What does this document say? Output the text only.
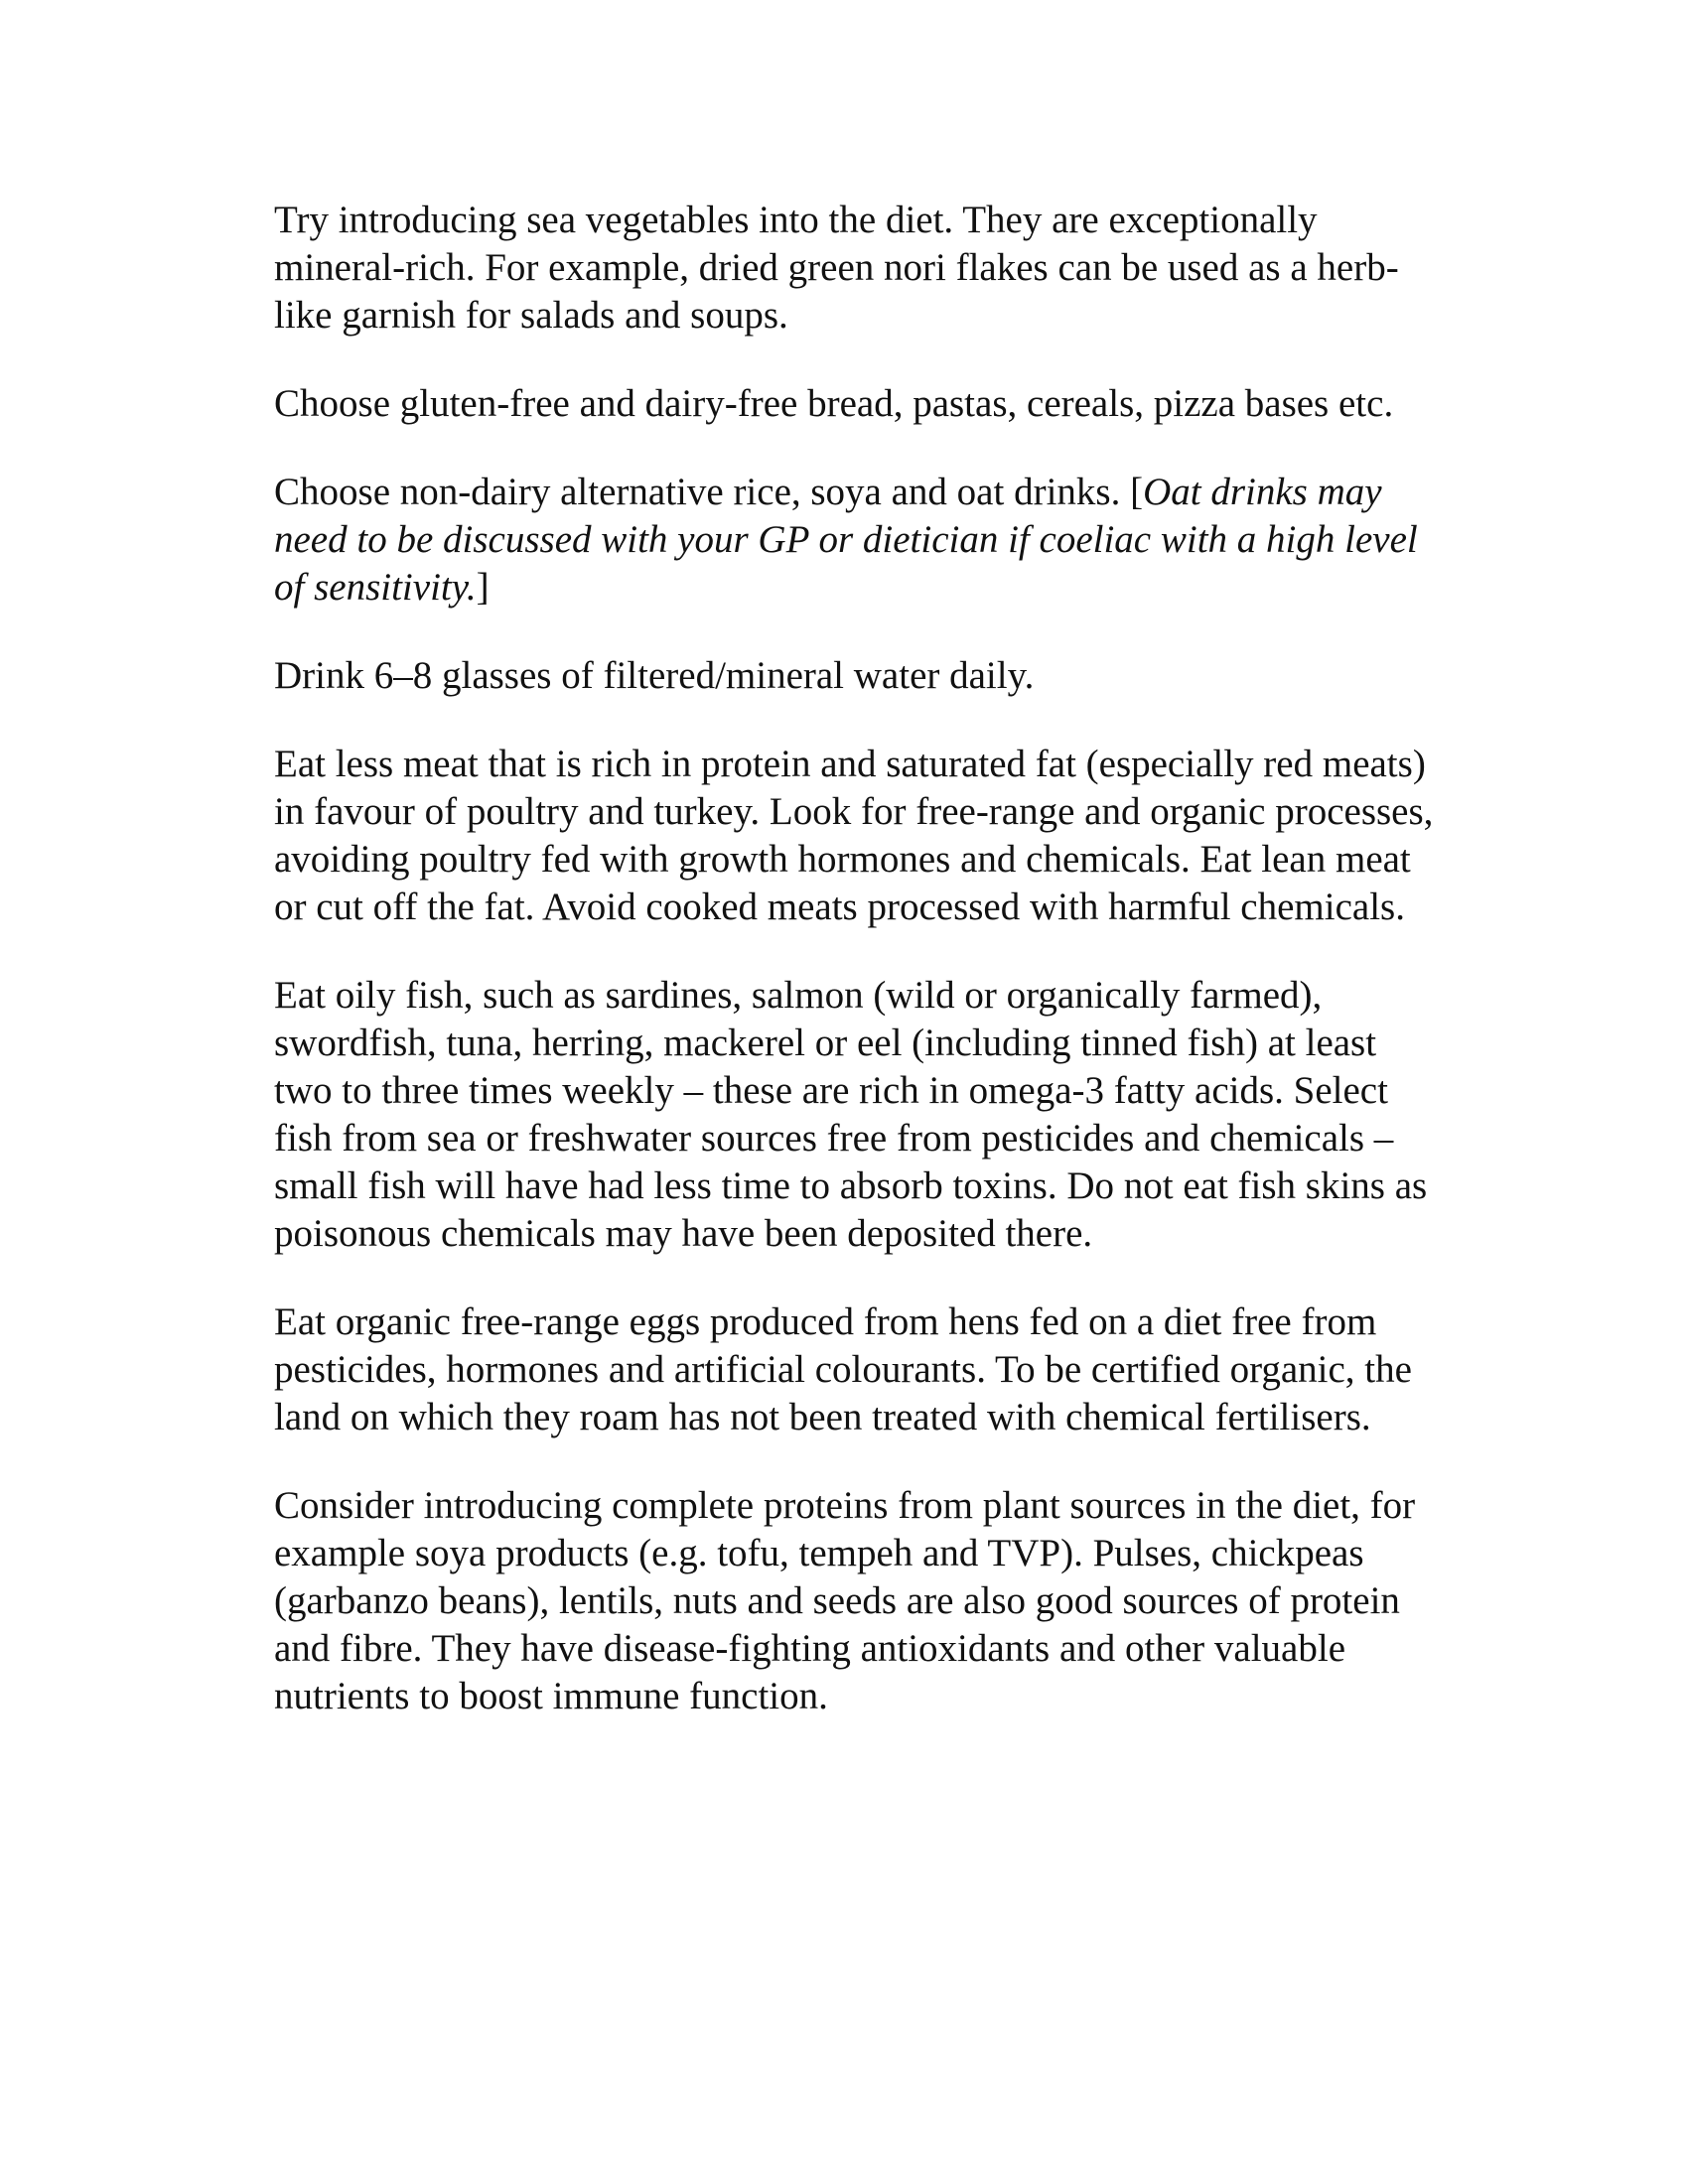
Try introducing sea vegetables into the diet. They are exceptionally mineral-rich. For example, dried green nori flakes can be used as a herb-like garnish for salads and soups.

Choose gluten-free and dairy-free bread, pastas, cereals, pizza bases etc.

Choose non-dairy alternative rice, soya and oat drinks. [Oat drinks may need to be discussed with your GP or dietician if coeliac with a high level of sensitivity.]

Drink 6–8 glasses of filtered/mineral water daily.

Eat less meat that is rich in protein and saturated fat (especially red meats) in favour of poultry and turkey. Look for free-range and organic processes, avoiding poultry fed with growth hormones and chemicals. Eat lean meat or cut off the fat. Avoid cooked meats processed with harmful chemicals.

Eat oily fish, such as sardines, salmon (wild or organically farmed), swordfish, tuna, herring, mackerel or eel (including tinned fish) at least two to three times weekly – these are rich in omega-3 fatty acids. Select fish from sea or freshwater sources free from pesticides and chemicals – small fish will have had less time to absorb toxins. Do not eat fish skins as poisonous chemicals may have been deposited there.

Eat organic free-range eggs produced from hens fed on a diet free from pesticides, hormones and artificial colourants. To be certified organic, the land on which they roam has not been treated with chemical fertilisers.

Consider introducing complete proteins from plant sources in the diet, for example soya products (e.g. tofu, tempeh and TVP). Pulses, chickpeas (garbanzo beans), lentils, nuts and seeds are also good sources of protein and fibre. They have disease-fighting antioxidants and other valuable nutrients to boost immune function.
